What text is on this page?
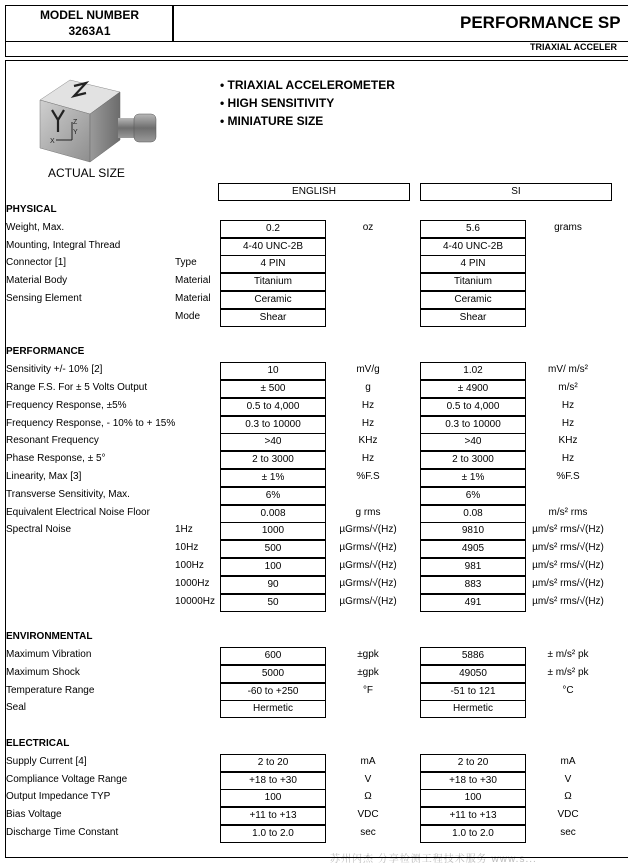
MODEL NUMBER
3263A1	PERFORMANCE SP
TRIAXIAL ACCELER
Z
Y
X
ACTUAL SIZE
• TRIAXIAL ACCELEROMETER
• HIGH SENSITIVITY
• MINIATURE SIZE
ENGLISH	SI
PHYSICAL
Weight, Max.	0.2	oz	5.6	grams
Mounting, Integral Thread	4-40 UNC-2B	4-40 UNC-2B
Connector [1]	Type	4 PIN	4 PIN
Material Body	Material	Titanium	Titanium
Sensing Element	Material	Ceramic	Ceramic
Mode	Shear	Shear
PERFORMANCE
Sensitivity +/- 10% [2]	10	mV/g	1.02	mV/ m/s²
Range F.S. For ± 5 Volts Output	± 500	g	± 4900	m/s²
Frequency Response, ±5%	0.5 to 4,000	Hz	0.5 to 4,000	Hz
Frequency Response, - 10% to + 15%	0.3 to 10000	Hz	0.3 to 10000	Hz
Resonant Frequency	>40	KHz	>40	KHz
Phase Response, ± 5°	2 to 3000	Hz	2 to 3000	Hz
Linearity, Max [3]	± 1%	%F.S	± 1%	%F.S
Transverse Sensitivity, Max.	6%	6%
Equivalent Electrical Noise Floor	0.008	g rms	0.08	m/s² rms
Spectral Noise	1Hz	1000	µGrms/√(Hz)	9810	µm/s² rms/√(Hz)
10Hz	500	µGrms/√(Hz)	4905	µm/s² rms/√(Hz)
100Hz	100	µGrms/√(Hz)	981	µm/s² rms/√(Hz)
1000Hz	90	µGrms/√(Hz)	883	µm/s² rms/√(Hz)
10000Hz	50	µGrms/√(Hz)	491	µm/s² rms/√(Hz)
ENVIRONMENTAL
Maximum Vibration	600	±gpk	5886	± m/s² pk
Maximum Shock	5000	±gpk	49050	± m/s² pk
Temperature Range	-60 to +250	°F	-51 to 121	°C
Seal	Hermetic	Hermetic
ELECTRICAL
Supply Current [4]	2 to 20	mA	2 to 20	mA
Compliance Voltage Range	+18 to +30	V	+18 to +30	V
Output Impedance TYP	100	Ω	100	Ω
Bias Voltage	+11 to +13	VDC	+11 to +13	VDC
Discharge Time Constant	1.0 to 2.0	sec	1.0 to 2.0	sec
苏州闪杰 分享检测工程技术服务 www.s...
